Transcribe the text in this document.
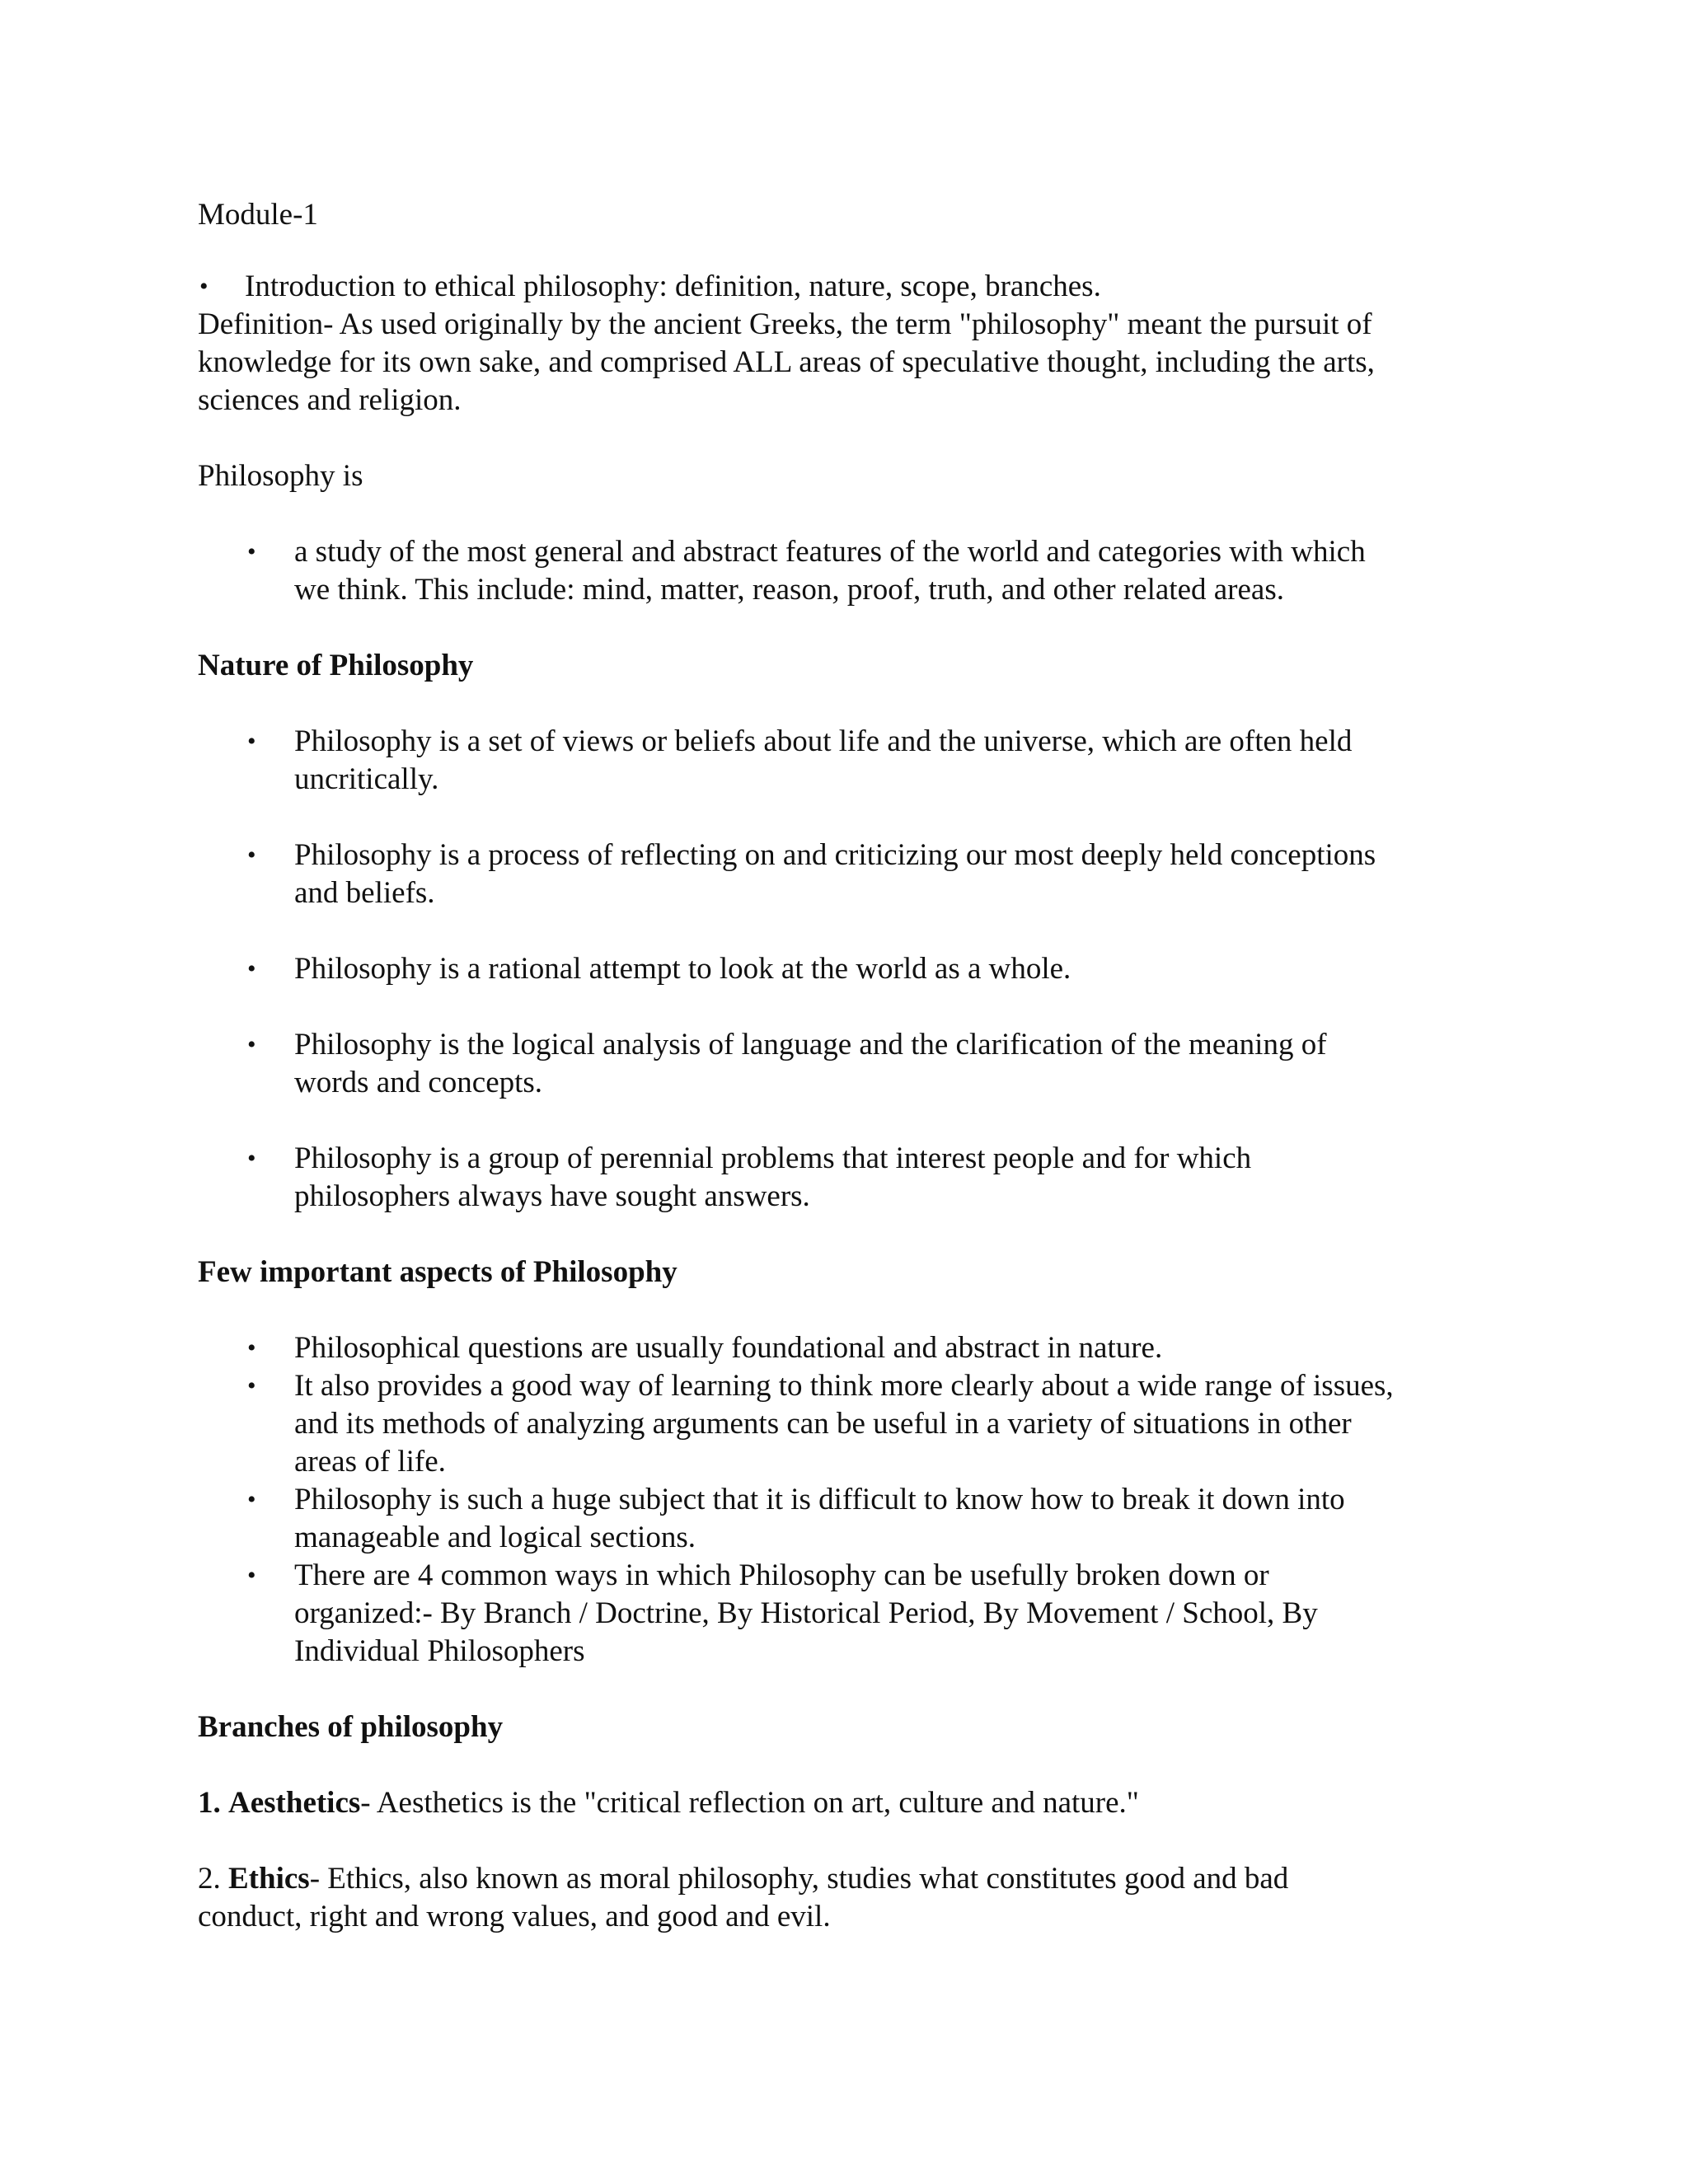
Module-1
• Introduction to ethical philosophy: definition, nature, scope, branches.
Definition- As used originally by the ancient Greeks, the term "philosophy" meant the pursuit of
knowledge for its own sake, and comprised ALL areas of speculative thought, including the arts,
sciences and religion.
Philosophy is
• a study of the most general and abstract features of the world and categories with which
we think. This include: mind, matter, reason, proof, truth, and other related areas.
Nature of Philosophy
• Philosophy is a set of views or beliefs about life and the universe, which are often held
uncritically.
• Philosophy is a process of reflecting on and criticizing our most deeply held conceptions
and beliefs.
• Philosophy is a rational attempt to look at the world as a whole.
• Philosophy is the logical analysis of language and the clarification of the meaning of
words and concepts.
• Philosophy is a group of perennial problems that interest people and for which
philosophers always have sought answers.
Few important aspects of Philosophy
• Philosophical questions are usually foundational and abstract in nature.
• It also provides a good way of learning to think more clearly about a wide range of issues,
and its methods of analyzing arguments can be useful in a variety of situations in other
areas of life.
• Philosophy is such a huge subject that it is difficult to know how to break it down into
manageable and logical sections.
• There are 4 common ways in which Philosophy can be usefully broken down or
organized:- By Branch / Doctrine, By Historical Period, By Movement / School, By
Individual Philosophers
Branches of philosophy
1. Aesthetics- Aesthetics is the "critical reflection on art, culture and nature."
2. Ethics- Ethics, also known as moral philosophy, studies what constitutes good and bad
conduct, right and wrong values, and good and evil.
